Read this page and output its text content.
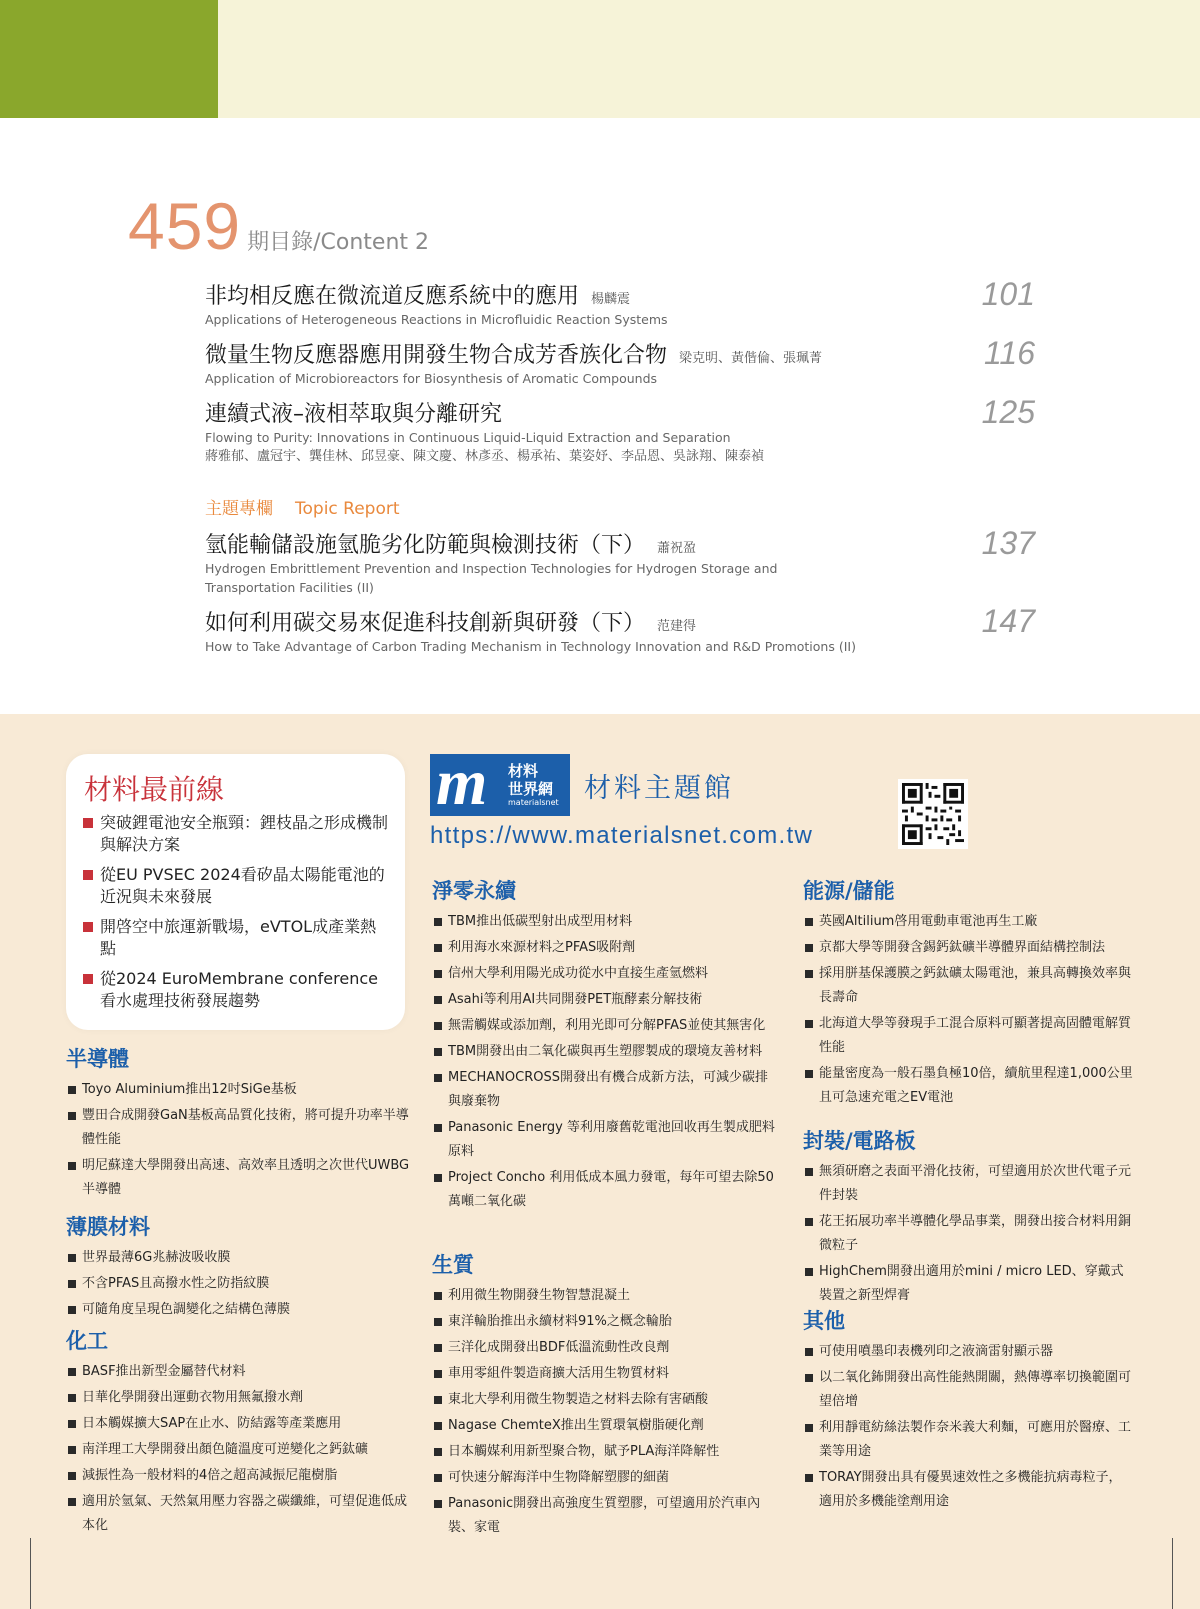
459 期目錄/Content 2
非均相反應在微流道反應系統中的應用 楊麟震
Applications of Heterogeneous Reactions in Microfluidic Reaction Systems
101
微量生物反應器應用開發生物合成芳香族化合物 梁克明、黃偕倫、張珮菁
Application of Microbioreactors for Biosynthesis of Aromatic Compounds
116
連續式液–液相萃取與分離研究
Flowing to Purity: Innovations in Continuous Liquid-Liquid Extraction and Separation
蔣雅郁、盧冠宇、龔佳林、邱昱豪、陳文慶、林彥丞、楊承祐、葉姿妤、李品恩、吳詠翔、陳泰禎
125
主題專欄 Topic Report
氫能輸儲設施氫脆劣化防範與檢測技術（下） 蕭祝盈
Hydrogen Embrittlement Prevention and Inspection Technologies for Hydrogen Storage and Transportation Facilities (II)
137
如何利用碳交易來促進科技創新與研發（下） 范建得
How to Take Advantage of Carbon Trading Mechanism in Technology Innovation and R&D Promotions (II)
147
材料最前線
突破鋰電池安全瓶頸：鋰枝晶之形成機制與解決方案
從EU PVSEC 2024看矽晶太陽能電池的近況與未來發展
開啓空中旅運新戰場，eVTOL成產業熱點
從2024 EuroMembrane conference看水處理技術發展趨勢
m 材料
世界網
materialsnet 材料主題館
https://www.materialsnet.com.tw
半導體
Toyo Aluminium推出12吋SiGe基板
豐田合成開發GaN基板高品質化技術，將可提升功率半導體性能
明尼蘇達大學開發出高速、高效率且透明之次世代UWBG半導體
薄膜材料
世界最薄6G兆赫波吸收膜
不含PFAS且高撥水性之防指紋膜
可隨角度呈現色調變化之結構色薄膜
化工
BASF推出新型金屬替代材料
日華化學開發出運動衣物用無氟撥水劑
日本觸媒擴大SAP在止水、防結露等產業應用
南洋理工大學開發出顏色隨溫度可逆變化之鈣鈦礦
減振性為一般材料的4倍之超高減振尼龍樹脂
適用於氫氣、天然氣用壓力容器之碳纖維，可望促進低成本化
淨零永續
TBM推出低碳型射出成型用材料
利用海水來源材料之PFAS吸附劑
信州大學利用陽光成功從水中直接生產氫燃料
Asahi等利用AI共同開發PET瓶酵素分解技術
無需觸媒或添加劑，利用光即可分解PFAS並使其無害化
TBM開發出由二氧化碳與再生塑膠製成的環境友善材料
MECHANOCROSS開發出有機合成新方法，可減少碳排與廢棄物
Panasonic Energy 等利用廢舊乾電池回收再生製成肥料原料
Project Concho 利用低成本風力發電，每年可望去除50萬噸二氧化碳
生質
利用微生物開發生物智慧混凝土
東洋輪胎推出永續材料91%之概念輪胎
三洋化成開發出BDF低溫流動性改良劑
車用零組件製造商擴大活用生物質材料
東北大學利用微生物製造之材料去除有害硒酸
Nagase ChemteX推出生質環氧樹脂硬化劑
日本觸媒利用新型聚合物，賦予PLA海洋降解性
可快速分解海洋中生物降解塑膠的細菌
Panasonic開發出高強度生質塑膠，可望適用於汽車內裝、家電
能源/儲能
英國Altilium啓用電動車電池再生工廠
京都大學等開發含錫鈣鈦礦半導體界面結構控制法
採用胼基保護膜之鈣鈦礦太陽電池，兼具高轉換效率與長壽命
北海道大學等發現手工混合原料可顯著提高固體電解質性能
能量密度為一般石墨負極10倍，續航里程達1,000公里且可急速充電之EV電池
封裝/電路板
無須研磨之表面平滑化技術，可望適用於次世代電子元件封裝
花王拓展功率半導體化學品事業，開發出接合材料用銅微粒子
HighChem開發出適用於mini / micro LED、穿戴式裝置之新型焊膏
其他
可使用噴墨印表機列印之液滴雷射顯示器
以二氧化鈽開發出高性能熱開關，熱傳導率切換範圍可望倍增
利用靜電紡絲法製作奈米義大利麵，可應用於醫療、工業等用途
TORAY開發出具有優異速效性之多機能抗病毒粒子，適用於多機能塗劑用途
